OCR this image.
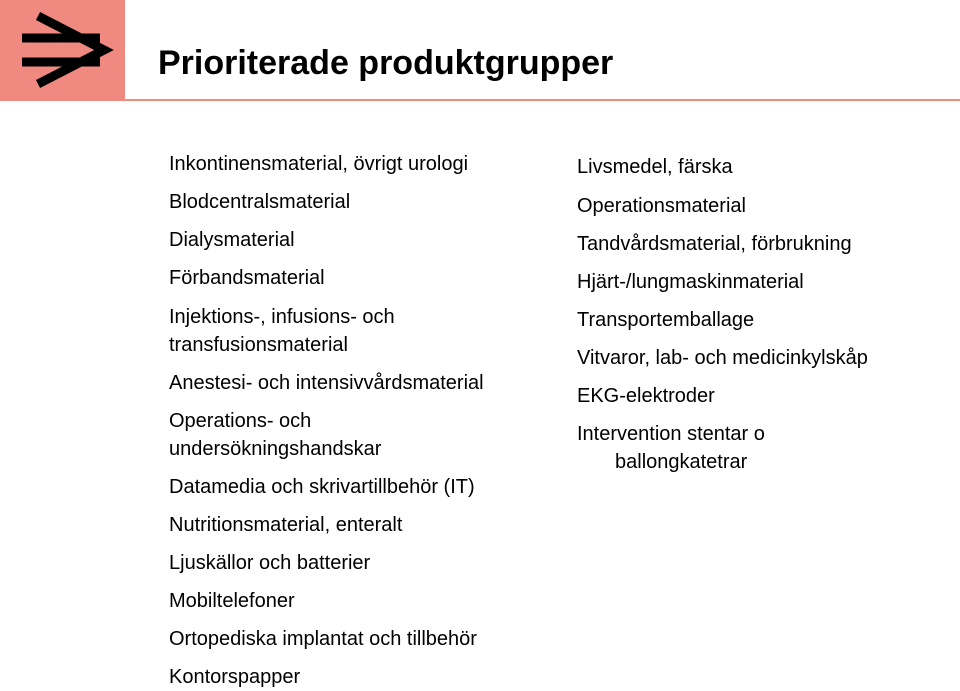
Prioriterade produktgrupper
Inkontinensmaterial, övrigt urologi
Blodcentralsmaterial
Dialysmaterial
Förbandsmaterial
Injektions-, infusions- och
transfusionsmaterial
Anestesi- och intensivvårdsmaterial
Operations- och
undersökningshandskar
Datamedia och skrivartillbehör (IT)
Nutritionsmaterial, enteralt
Ljuskällor och batterier
Mobiltelefoner
Ortopediska implantat och tillbehör
Kontorspapper
Livsmedel, färska
Operationsmaterial
Tandvårdsmaterial, förbrukning
Hjärt-/lungmaskinmaterial
Transportemballage
Vitvaror, lab- och medicinkylskåp
EKG-elektroder
Intervention stentar o
ballongkatetrar
